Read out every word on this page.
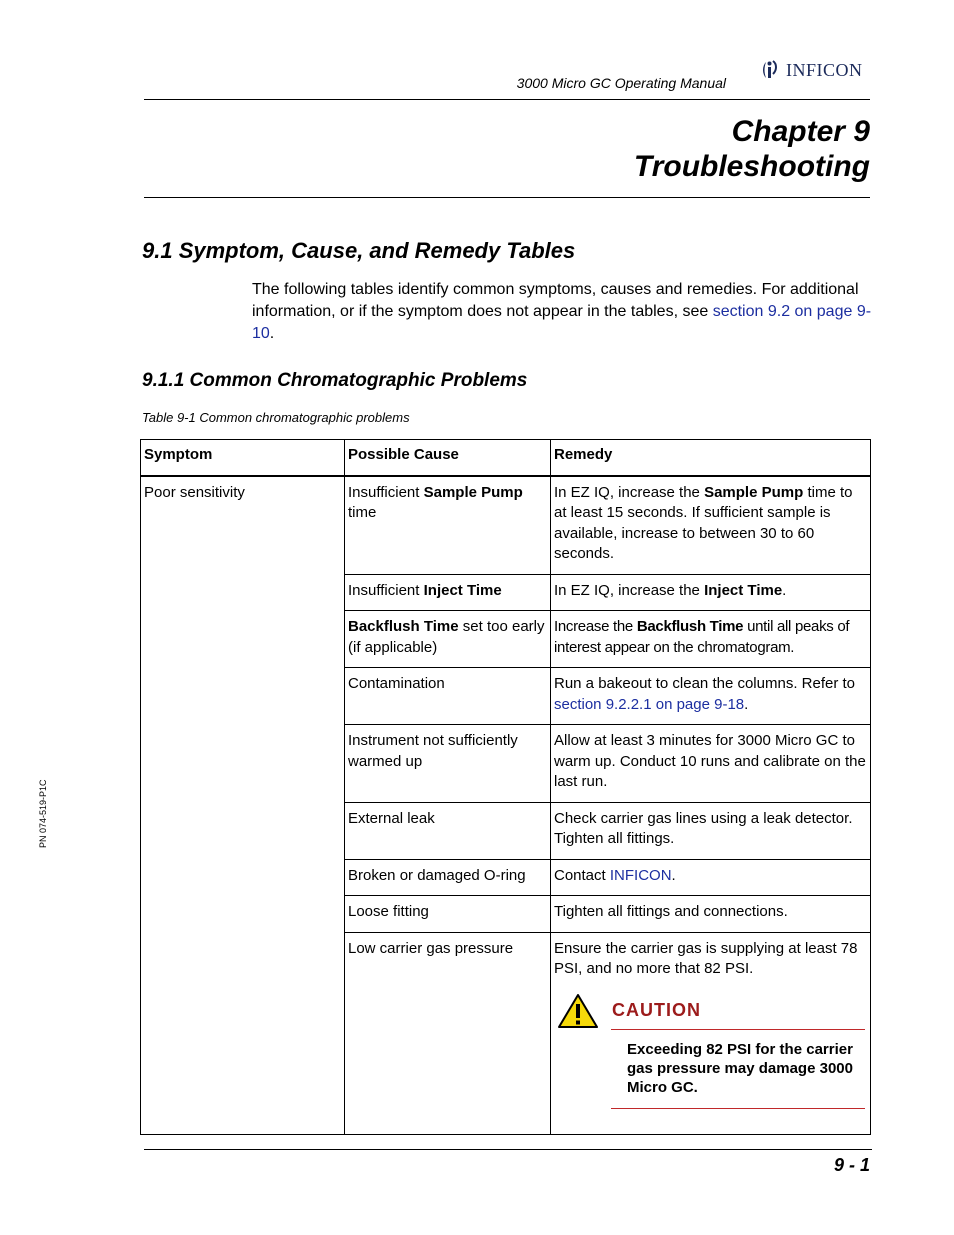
3000 Micro GC Operating Manual
INFICON
Chapter 9
Troubleshooting
9.1 Symptom, Cause, and Remedy Tables
The following tables identify common symptoms, causes and remedies. For additional information, or if the symptom does not appear in the tables, see section 9.2 on page 9-10.
9.1.1 Common Chromatographic Problems
Table 9-1 Common chromatographic problems
Symptom	Possible Cause	Remedy
Poor sensitivity	Insufficient Sample Pump time	In EZ IQ, increase the Sample Pump time to at least 15 seconds. If sufficient sample is available, increase to between 30 to 60 seconds.
	Insufficient Inject Time	In EZ IQ, increase the Inject Time.
	Backflush Time set too early (if applicable)	Increase the Backflush Time until all peaks of interest appear on the chromatogram.
	Contamination	Run a bakeout to clean the columns. Refer to section 9.2.2.1 on page 9-18.
	Instrument not sufficiently warmed up	Allow at least 3 minutes for 3000 Micro GC to warm up. Conduct 10 runs and calibrate on the last run.
	External leak	Check carrier gas lines using a leak detector. Tighten all fittings.
	Broken or damaged O-ring	Contact INFICON.
	Loose fitting	Tighten all fittings and connections.
	Low carrier gas pressure	Ensure the carrier gas is supplying at least 78 PSI, and no more that 82 PSI.
CAUTION
Exceeding 82 PSI for the carrier gas pressure may damage 3000 Micro GC.
PN 074-519-P1C
9 - 1
